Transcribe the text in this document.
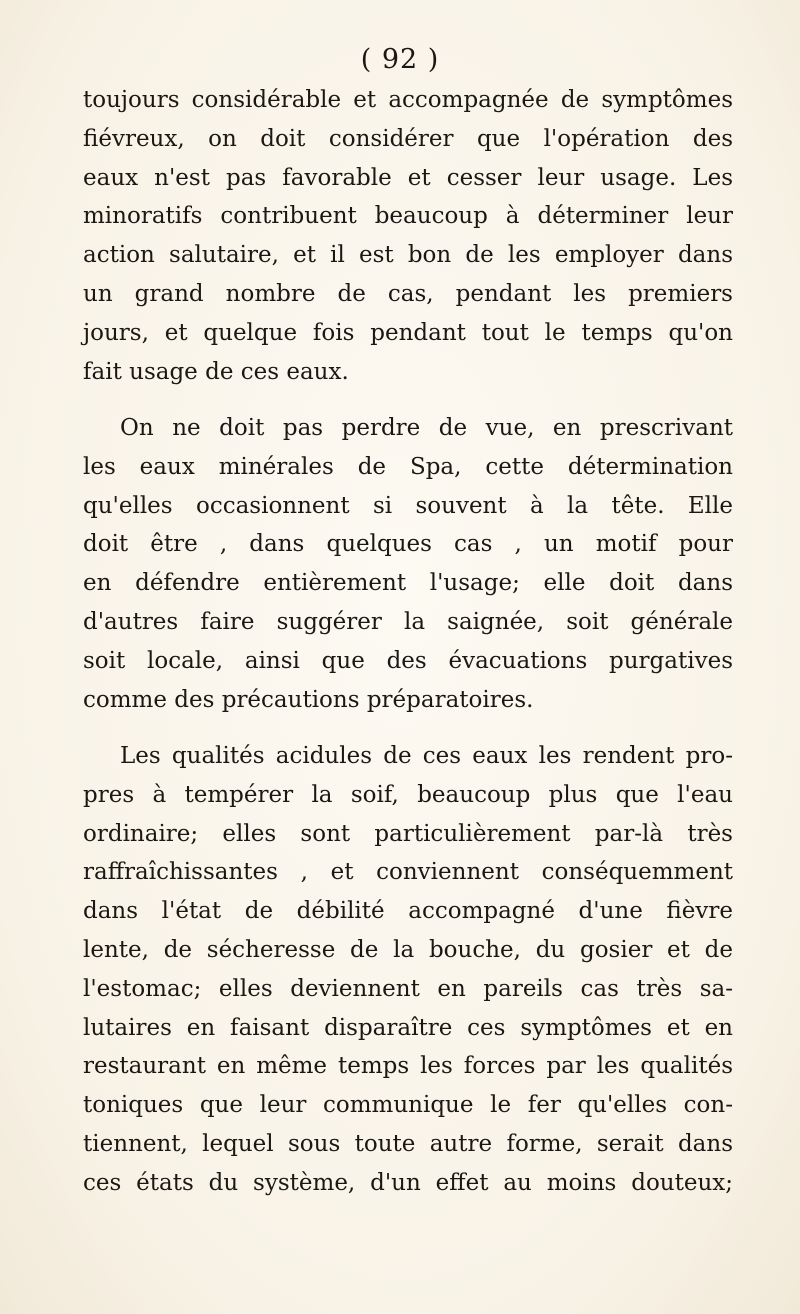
( 92 )
toujours considérable et accompagnée de symptômes
fiévreux, on doit considérer que l'opération des
eaux n'est pas favorable et cesser leur usage. Les
minoratifs contribuent beaucoup à déterminer leur
action salutaire, et il est bon de les employer dans
un grand nombre de cas, pendant les premiers
jours, et quelque fois pendant tout le temps qu'on
fait usage de ces eaux.
On ne doit pas perdre de vue, en prescrivant
les eaux minérales de Spa, cette détermination
qu'elles occasionnent si souvent à la tête. Elle
doit être , dans quelques cas , un motif pour
en défendre entièrement l'usage; elle doit dans
d'autres faire suggérer la saignée, soit générale
soit locale, ainsi que des évacuations purgatives
comme des précautions préparatoires.
Les qualités acidules de ces eaux les rendent pro-
pres à tempérer la soif, beaucoup plus que l'eau
ordinaire; elles sont particulièrement par-là très
raffraîchissantes , et conviennent conséquemment
dans l'état de débilité accompagné d'une fièvre
lente, de sécheresse de la bouche, du gosier et de
l'estomac; elles deviennent en pareils cas très sa-
lutaires en faisant disparaître ces symptômes et en
restaurant en même temps les forces par les qualités
toniques que leur communique le fer qu'elles con-
tiennent, lequel sous toute autre forme, serait dans
ces états du système, d'un effet au moins douteux;
